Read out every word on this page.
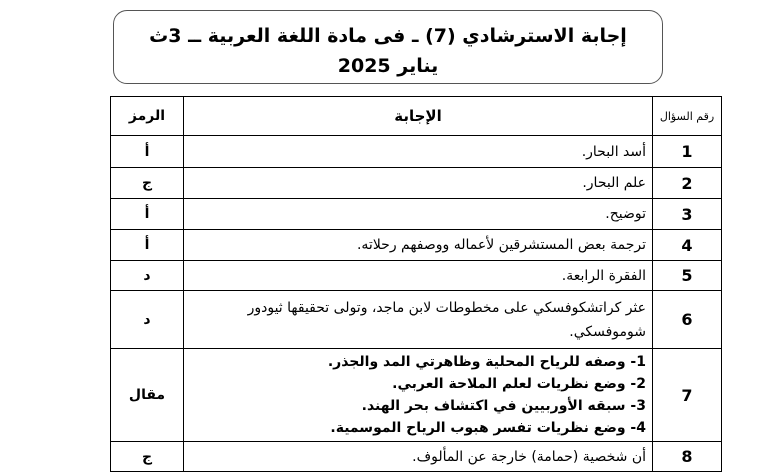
إجابة الاسترشادي (7) ـ فى مادة اللغة العربية ــ 3ث
يناير 2025
رقم السؤال	الإجابة	الرمز
1	أسد البحار.	أ
2	علم البحار.	ج
3	توضيح.	أ
4	ترجمة بعض المستشرقين لأعماله ووصفهم رحلاته.	أ
5	الفقرة الرابعة.	د
6	عثر كراتشكوفسكي على مخطوطات لابن ماجد، وتولى تحقيقها ثيودور شوموفسكي.	د
7	1- وصفه للرياح المحلية وظاهرتي المد والجذر.
2- وضع نظريات لعلم الملاحة العربي.
3- سبقه الأوربيين في اكتشاف بحر الهند.
4- وضع نظريات تفسر هبوب الرياح الموسمية.	مقال
8	أن شخصية (حمامة) خارجة عن المألوف.	ج
